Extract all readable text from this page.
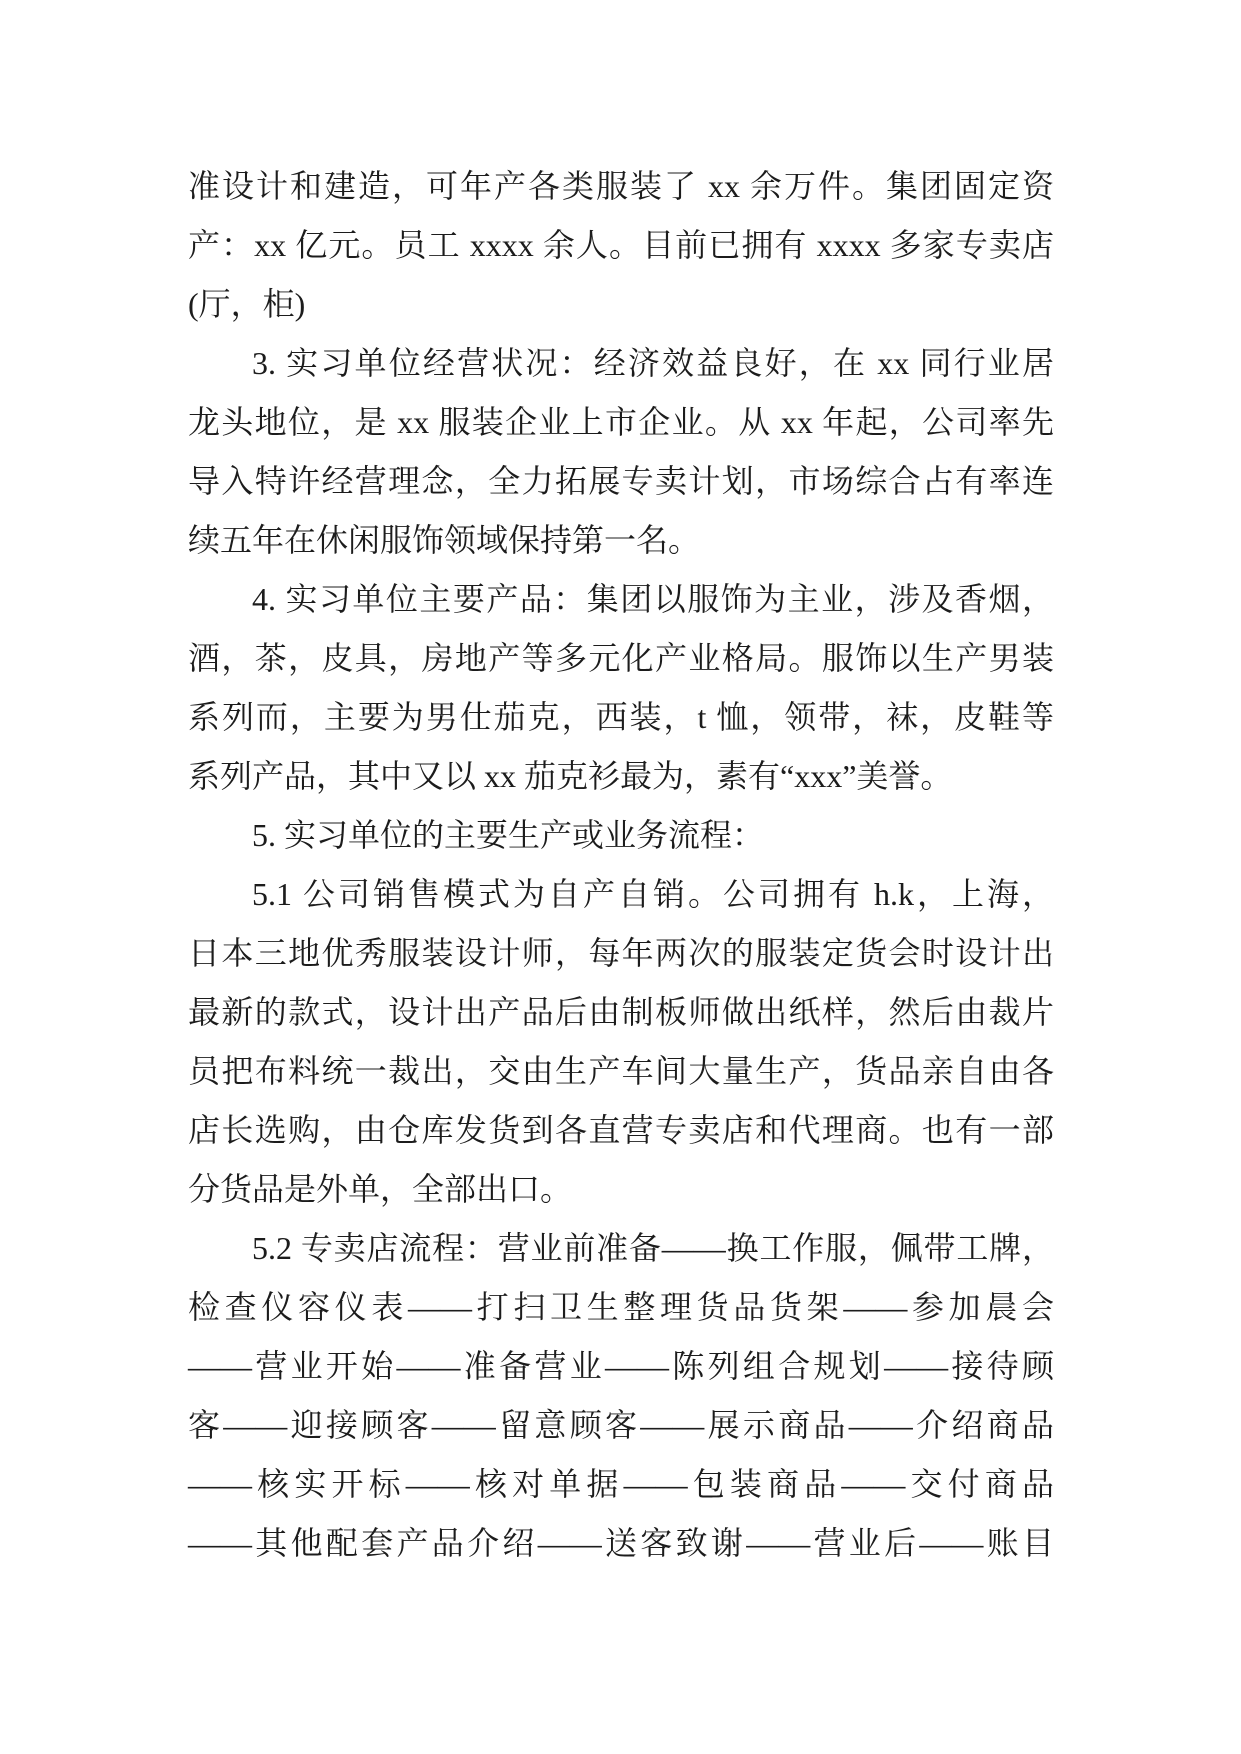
准设计和建造，可年产各类服装了 xx 余万件。集团固定资
产：xx 亿元。员工 xxxx 余人。目前已拥有 xxxx 多家专卖店
(厅，柜)
3. 实习单位经营状况：经济效益良好，在 xx 同行业居
龙头地位，是 xx 服装企业上市企业。从 xx 年起，公司率先
导入特许经营理念，全力拓展专卖计划，市场综合占有率连
续五年在休闲服饰领域保持第一名。
4. 实习单位主要产品：集团以服饰为主业，涉及香烟，
酒，茶，皮具，房地产等多元化产业格局。服饰以生产男装
系列而，主要为男仕茄克，西装，t 恤，领带，袜，皮鞋等
系列产品，其中又以 xx 茄克衫最为，素有“xxx”美誉。
5. 实习单位的主要生产或业务流程：
5.1 公司销售模式为自产自销。公司拥有 h.k，上海，
日本三地优秀服装设计师，每年两次的服装定货会时设计出
最新的款式，设计出产品后由制板师做出纸样，然后由裁片
员把布料统一裁出，交由生产车间大量生产，货品亲自由各
店长选购，由仓库发货到各直营专卖店和代理商。也有一部
分货品是外单，全部出口。
5.2 专卖店流程：营业前准备——换工作服，佩带工牌，
检查仪容仪表——打扫卫生整理货品货架——参加晨会
——营业开始——准备营业——陈列组合规划——接待顾
客——迎接顾客——留意顾客——展示商品——介绍商品
——核实开标——核对单据——包装商品——交付商品
——其他配套产品介绍——送客致谢——营业后——账目
